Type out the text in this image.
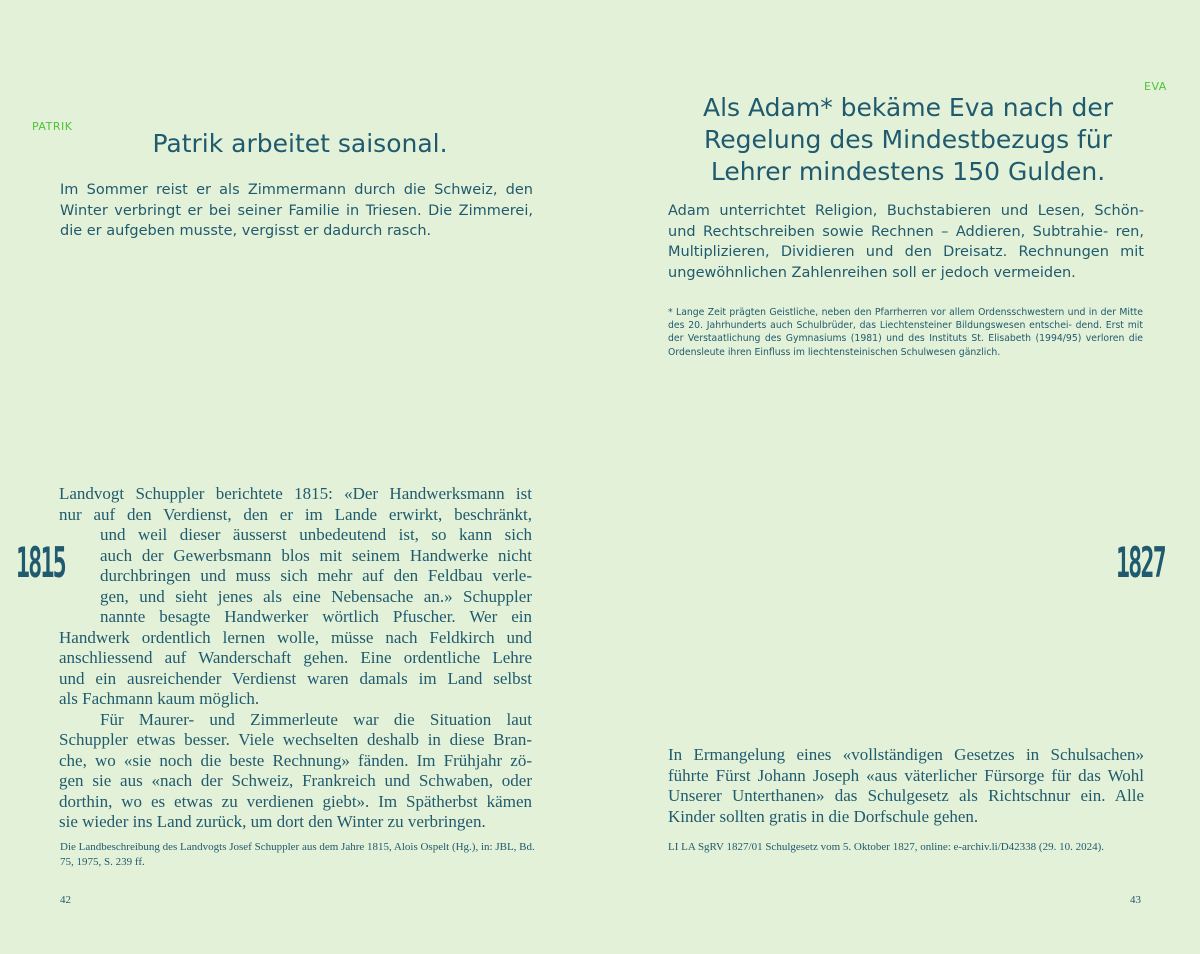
PATRIK
Patrik arbeitet saisonal.
Im Sommer reist er als Zimmermann durch die Schweiz, den Winter verbringt er bei seiner Familie in Triesen. Die Zimmerei, die er aufgeben musste, vergisst er dadurch rasch.
1815
Landvogt Schuppler berichtete 1815: «Der Handwerksmann ist
nur auf den Verdienst, den er im Lande erwirkt, beschränkt,
und weil dieser äusserst unbedeutend ist, so kann sich
auch der Gewerbsmann blos mit seinem Handwerke nicht
durchbringen und muss sich mehr auf den Feldbau verle-
gen, und sieht jenes als eine Nebensache an.» Schuppler
nannte besagte Handwerker wörtlich Pfuscher. Wer ein
Handwerk ordentlich lernen wolle, müsse nach Feldkirch und
anschliessend auf Wanderschaft gehen. Eine ordentliche Lehre
und ein ausreichender Verdienst waren damals im Land selbst
als Fachmann kaum möglich.
Für Maurer- und Zimmerleute war die Situation laut
Schuppler etwas besser. Viele wechselten deshalb in diese Bran-
che, wo «sie noch die beste Rechnung» fänden. Im Frühjahr zö-
gen sie aus «nach der Schweiz, Frankreich und Schwaben, oder
dorthin, wo es etwas zu verdienen giebt». Im Spätherbst kämen
sie wieder ins Land zurück, um dort den Winter zu verbringen.
Die Landbeschreibung des Landvogts Josef Schuppler aus dem Jahre 1815, Alois Ospelt (Hg.), in: JBL, Bd. 75, 1975, S. 239 ff.
42
EVA
Als Adam* bekäme Eva nach der
Regelung des Mindestbezugs für
Lehrer mindestens 150 Gulden.
Adam unterrichtet Religion, Buchstabieren und Lesen, Schön- und Rechtschreiben sowie Rechnen – Addieren, Subtrahie- ren, Multiplizieren, Dividieren und den Dreisatz. Rechnungen mit ungewöhnlichen Zahlenreihen soll er jedoch vermeiden.
* Lange Zeit prägten Geistliche, neben den Pfarrherren vor allem Ordensschwestern und in der Mitte des 20. Jahrhunderts auch Schulbrüder, das Liechtensteiner Bildungswesen entschei- dend. Erst mit der Verstaatlichung des Gymnasiums (1981) und des Instituts St. Elisabeth (1994/95) verloren die Ordensleute ihren Einfluss im liechtensteinischen Schulwesen gänzlich.
1827
In Ermangelung eines «vollständigen Gesetzes in Schulsachen» führte Fürst Johann Joseph «aus väterlicher Fürsorge für das Wohl Unserer Unterthanen» das Schulgesetz als Richtschnur ein. Alle Kinder sollten gratis in die Dorfschule gehen.
LI LA SgRV 1827/01 Schulgesetz vom 5. Oktober 1827, online: e-archiv.li/D42338 (29. 10. 2024).
43
